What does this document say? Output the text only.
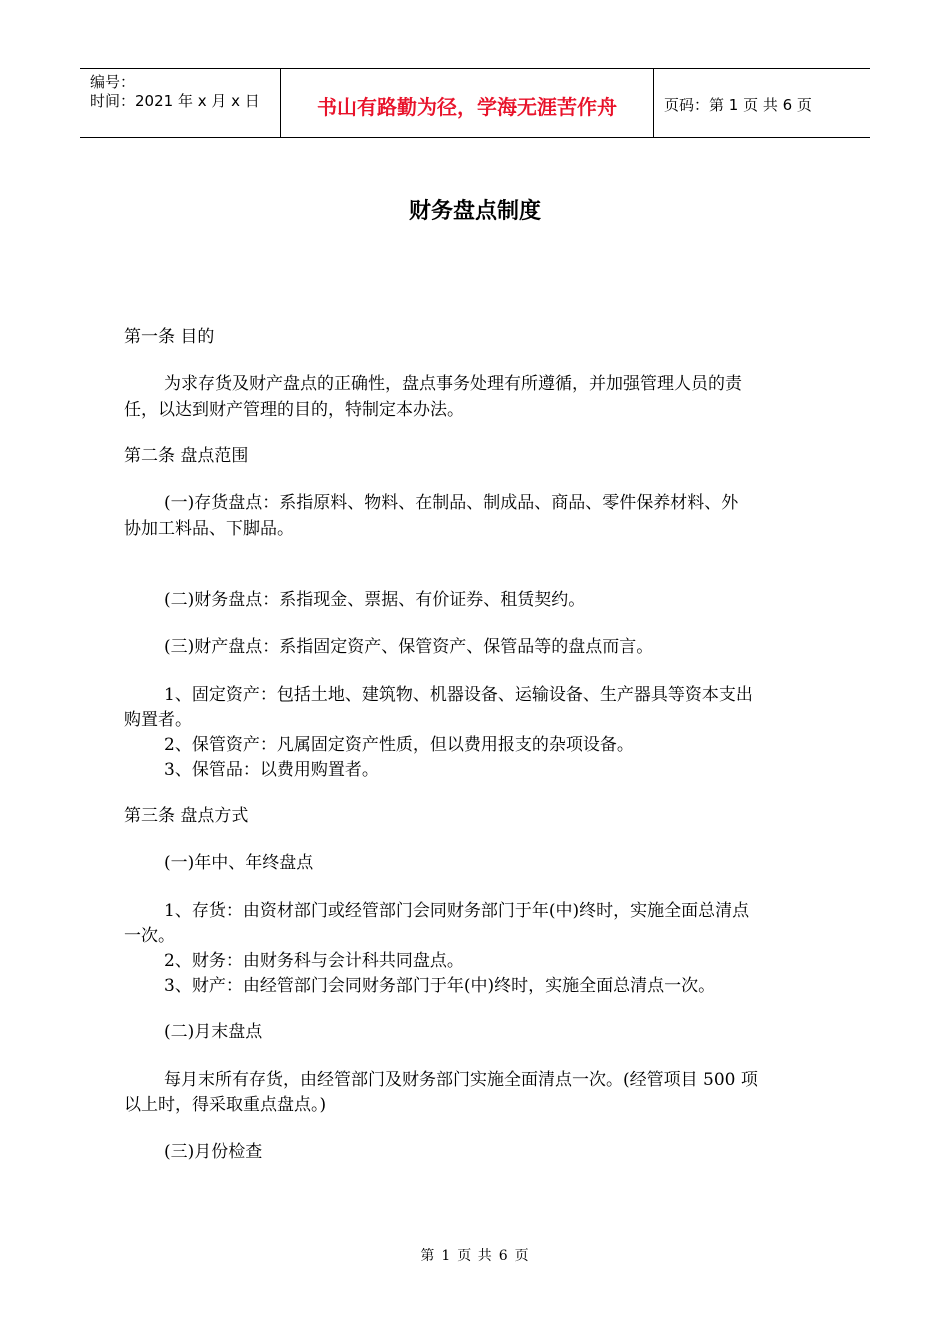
编号：
时间：2021 年 x 月 x 日	书山有路勤为径，学海无涯苦作舟	页码：第 1 页 共 6 页
财务盘点制度
第一条 目的
为求存货及财产盘点的正确性，盘点事务处理有所遵循，并加强管理人员的责
任，以达到财产管理的目的，特制定本办法。
第二条 盘点范围
(一)存货盘点：系指原料、物料、在制品、制成品、商品、零件保养材料、外
协加工料品、下脚品。
(二)财务盘点：系指现金、票据、有价证券、租赁契约。
(三)财产盘点：系指固定资产、保管资产、保管品等的盘点而言。
1、固定资产：包括土地、建筑物、机器设备、运输设备、生产器具等资本支出
购置者。
2、保管资产：凡属固定资产性质，但以费用报支的杂项设备。
3、保管品：以费用购置者。
第三条 盘点方式
(一)年中、年终盘点
1、存货：由资材部门或经管部门会同财务部门于年(中)终时，实施全面总清点
一次。
2、财务：由财务科与会计科共同盘点。
3、财产：由经管部门会同财务部门于年(中)终时，实施全面总清点一次。
(二)月末盘点
每月末所有存货，由经管部门及财务部门实施全面清点一次。(经管项目 500 项
以上时，得采取重点盘点。)
(三)月份检查
第 1 页 共 6 页
